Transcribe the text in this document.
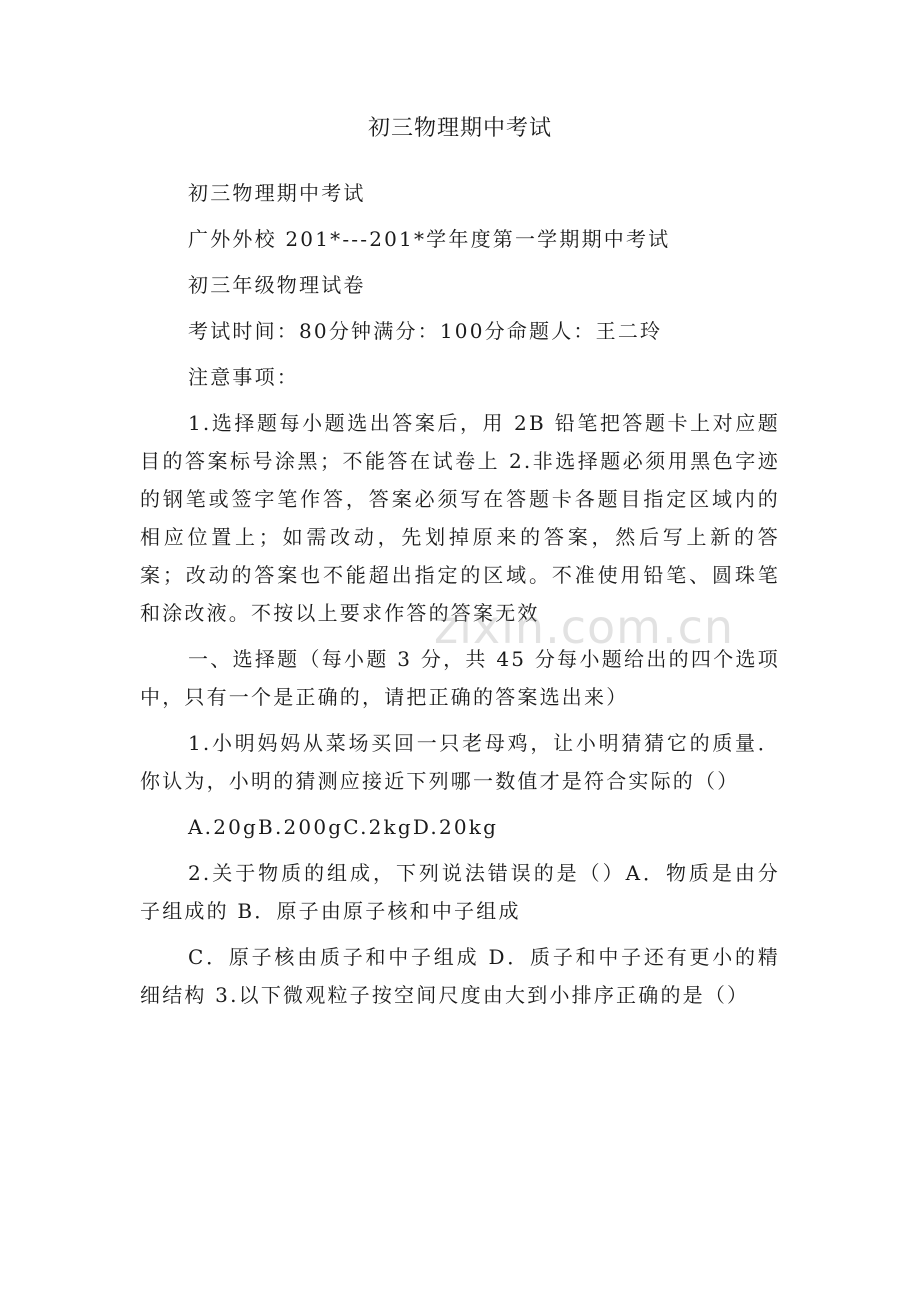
初三物理期中考试

初三物理期中考试

广外外校 201*---201*学年度第一学期期中考试

初三年级物理试卷

考试时间：80分钟满分：100分命题人：王二玲

注意事项：

1.选择题每小题选出答案后，用 2B 铅笔把答题卡上对应题目的答案标号涂黑；不能答在试卷上 2.非选择题必须用黑色字迹的钢笔或签字笔作答，答案必须写在答题卡各题目指定区域内的相应位置上；如需改动，先划掉原来的答案，然后写上新的答案；改动的答案也不能超出指定的区域。不准使用铅笔、圆珠笔和涂改液。不按以上要求作答的答案无效

一、选择题（每小题 3 分，共 45 分每小题给出的四个选项中，只有一个是正确的，请把正确的答案选出来）

1.小明妈妈从菜场买回一只老母鸡，让小明猜猜它的质量．你认为，小明的猜测应接近下列哪一数值才是符合实际的（）

A.20gB.200gC.2kgD.20kg

2.关于物质的组成，下列说法错误的是（）A．物质是由分子组成的 B．原子由原子核和中子组成

C．原子核由质子和中子组成 D．质子和中子还有更小的精细结构 3.以下微观粒子按空间尺度由大到小排序正确的是（）

zixin.com.cn
